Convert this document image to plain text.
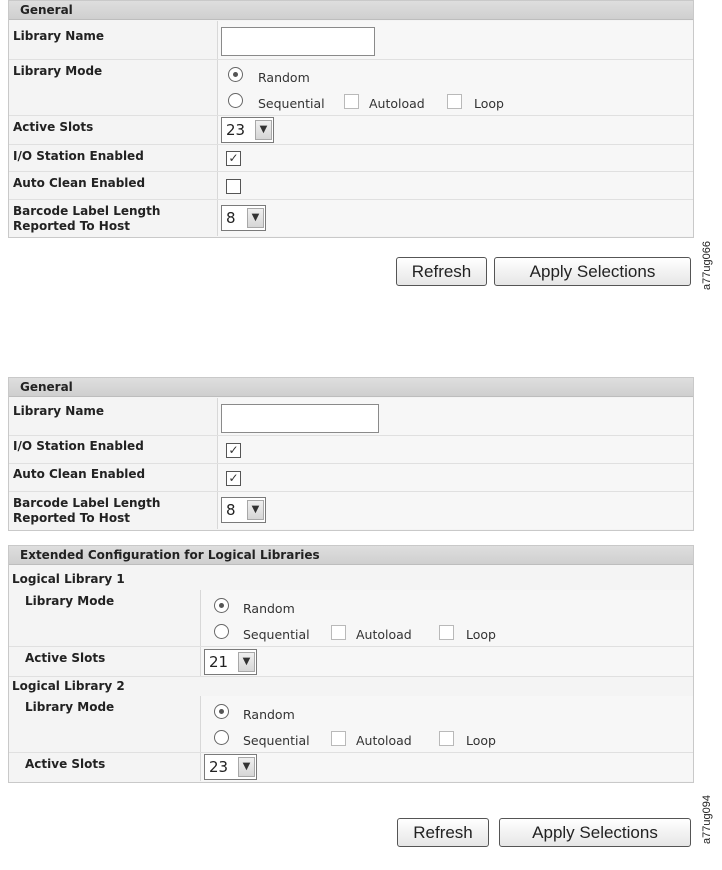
General
Library Name
Library Mode	Random
Sequential	Autoload	Loop
Active Slots	23	▼
I/O Station Enabled	✓
Auto Clean Enabled
Barcode Label Length
Reported To Host	8	▼
Refresh	Apply Selections	a77ug066
General
Library Name
I/O Station Enabled	✓
Auto Clean Enabled	✓
Barcode Label Length
Reported To Host	8	▼
Extended Configuration for Logical Libraries
Logical Library 1
Library Mode	Random
Sequential	Autoload	Loop
Active Slots	21	▼
Logical Library 2
Library Mode	Random
Sequential	Autoload	Loop
Active Slots	23	▼
Refresh	Apply Selections	a77ug094
